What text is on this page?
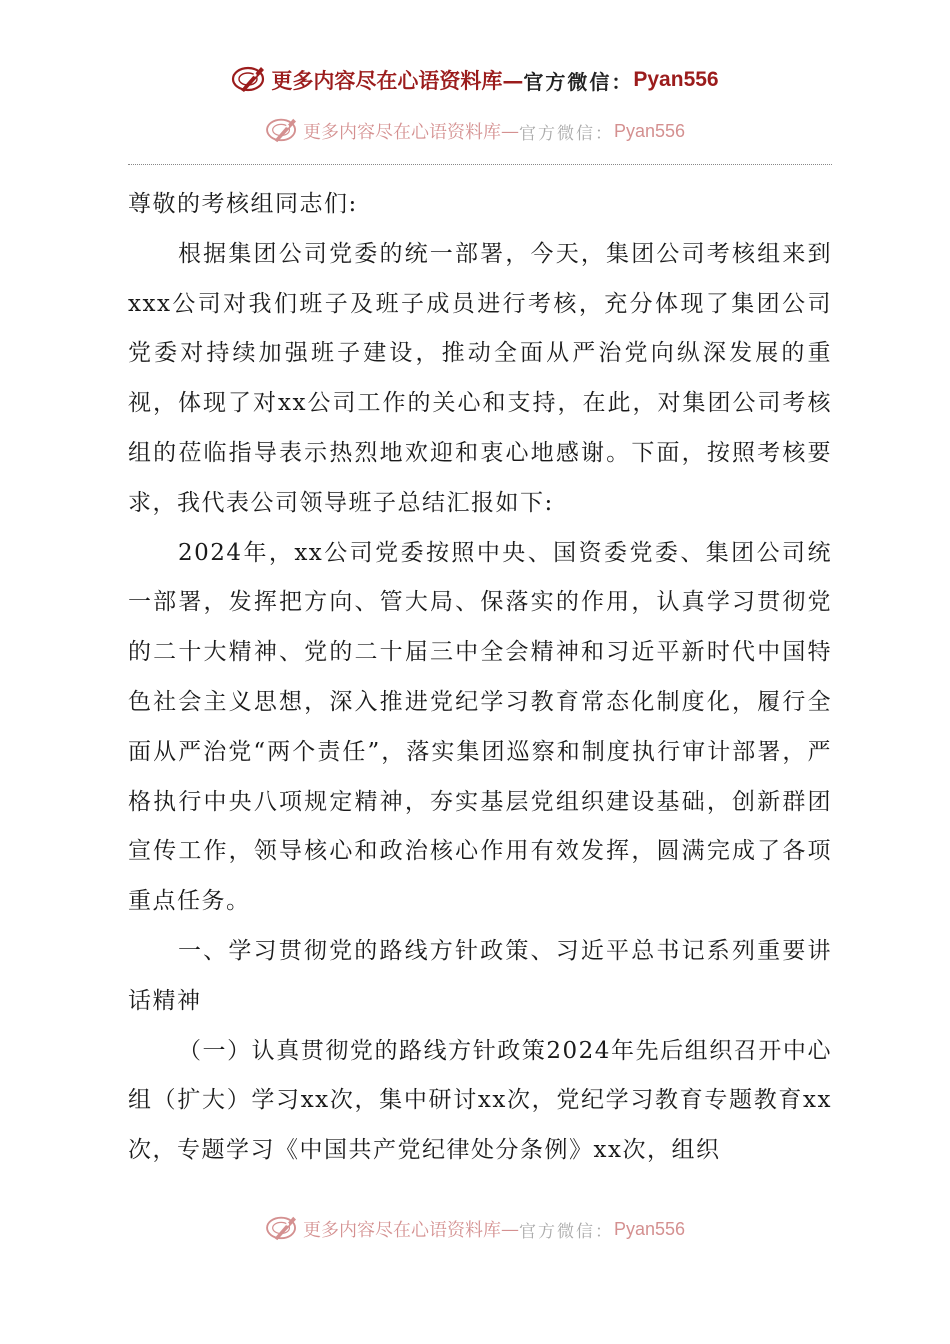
更多内容尽在心语资料库 — 官方微信： Pyan556
更多内容尽在心语资料库 — 官方微信： Pyan556

尊敬的考核组同志们:

根据集团公司党委的统一部署，今天，集团公司考核组来到xxx公司对我们班子及班子成员进行考核，充分体现了集团公司党委对持续加强班子建设，推动全面从严治党向纵深发展的重视，体现了对xx公司工作的关心和支持，在此，对集团公司考核组的莅临指导表示热烈地欢迎和衷心地感谢。下面，按照考核要求，我代表公司领导班子总结汇报如下:

2024年，xx公司党委按照中央、国资委党委、集团公司统一部署，发挥把方向、管大局、保落实的作用，认真学习贯彻党的二十大精神、党的二十届三中全会精神和习近平新时代中国特色社会主义思想，深入推进党纪学习教育常态化制度化，履行全面从严治党“两个责任”，落实集团巡察和制度执行审计部署，严格执行中央八项规定精神，夯实基层党组织建设基础，创新群团宣传工作，领导核心和政治核心作用有效发挥，圆满完成了各项重点任务。

一、学习贯彻党的路线方针政策、习近平总书记系列重要讲话精神

（一）认真贯彻党的路线方针政策2024年先后组织召开中心组（扩大）学习xx次，集中研讨xx次，党纪学习教育专题教育xx次，专题学习《中国共产党纪律处分条例》xx次，组织

更多内容尽在心语资料库 — 官方微信： Pyan556
